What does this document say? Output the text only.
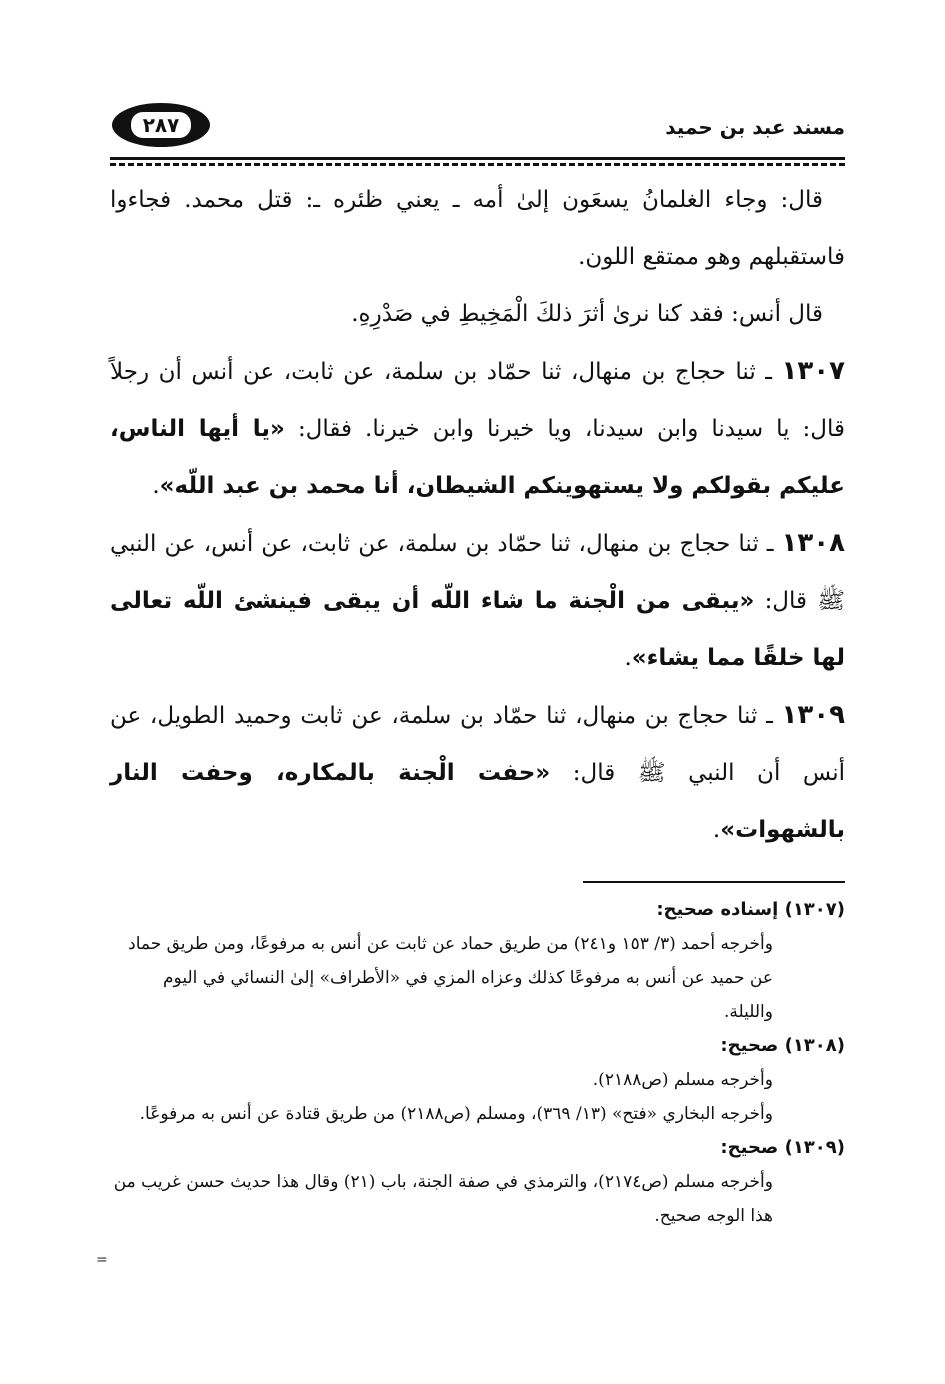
مسند عبد بن حميد
٢٨٧

قال: وجاء الغلمانُ يسعَون إلىٰ أمه ـ يعني ظئره ـ: قتل محمد. فجاءوا فاستقبلهم وهو ممتقع اللون.

قال أنس: فقد كنا نرىٰ أثرَ ذلكَ الْمَخِيطِ في صَدْرِهِ.

١٣٠٧ ـ ثنا حجاج بن منهال، ثنا حمّاد بن سلمة، عن ثابت، عن أنس أن رجلاً قال: يا سيدنا وابن سيدنا، ويا خيرنا وابن خيرنا. فقال: «يا أيها الناس، عليكم بقولكم ولا يستهوينكم الشيطان، أنا محمد بن عبد اللّه».

١٣٠٨ ـ ثنا حجاج بن منهال، ثنا حمّاد بن سلمة، عن ثابت، عن أنس، عن النبي ﷺ قال: «يبقى من الْجنة ما شاء اللّه أن يبقى فينشئ اللّه تعالى لها خلقًا مما يشاء».

١٣٠٩ ـ ثنا حجاج بن منهال، ثنا حمّاد بن سلمة، عن ثابت وحميد الطويل، عن أنس أن النبي ﷺ قال: «حفت الْجنة بالمكاره، وحفت النار بالشهوات».

(١٣٠٧) إسناده صحيح:

وأخرجه أحمد (٣/ ١٥٣ و٢٤١) من طريق حماد عن ثابت عن أنس به مرفوعًا، ومن طريق حماد عن حميد عن أنس به مرفوعًا كذلك وعزاه المزي في «الأطراف» إلىٰ النسائي في اليوم والليلة.

(١٣٠٨) صحيح:

وأخرجه مسلم (ص٢١٨٨).

وأخرجه البخاري «فتح» (١٣/ ٣٦٩)، ومسلم (ص٢١٨٨) من طريق قتادة عن أنس به مرفوعًا.

(١٣٠٩) صحيح:

وأخرجه مسلم (ص٢١٧٤)، والترمذي في صفة الجنة، باب (٢١) وقال هذا حديث حسن غريب من هذا الوجه صحيح.

=
